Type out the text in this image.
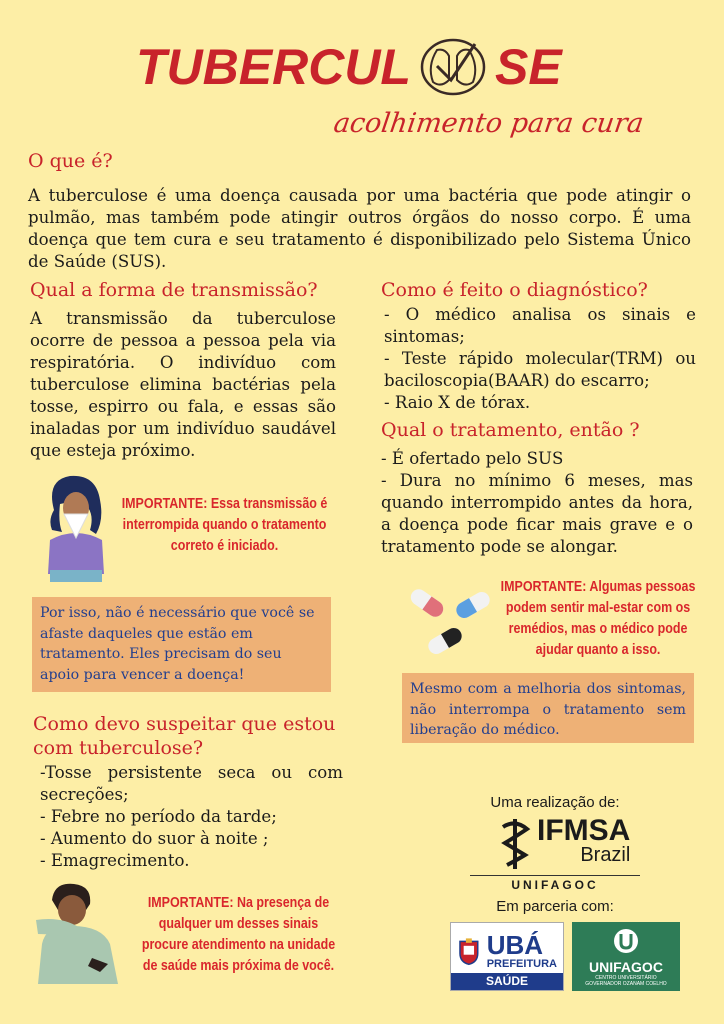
TUBERCUL SE
acolhimento para cura
O que é?

A tuberculose é uma doença causada por uma bactéria que pode atingir o pulmão, mas também pode atingir outros órgãos do nosso corpo. É uma doença que tem cura e seu tratamento é disponibilizado pelo Sistema Único de Saúde (SUS).

Qual a forma de transmissão?

A transmissão da tuberculose ocorre de pessoa a pessoa pela via respiratória. O indivíduo com tuberculose elimina bactérias pela tosse, espirro ou fala, e essas são inaladas por um indivíduo saudável que esteja próximo.

IMPORTANTE: Essa transmissão é interrompida quando o tratamento correto é iniciado.
Por isso, não é necessário que você se afaste daqueles que estão em tratamento. Eles precisam do seu apoio para vencer a doença!
Como é feito o diagnóstico?

- O médico analisa os sinais e sintomas;

- Teste rápido molecular(TRM) ou baciloscopia(BAAR) do escarro;

- Raio X de tórax.

Qual o tratamento, então ?

- É ofertado pelo SUS

- Dura no mínimo 6 meses, mas quando interrompido antes da hora, a doença pode ficar mais grave e o tratamento pode se alongar.

IMPORTANTE: Algumas pessoas podem sentir mal-estar com os remédios, mas o médico pode ajudar quanto a isso.
Mesmo com a melhoria dos sintomas, não interrompa o tratamento sem liberação do médico.
Como devo suspeitar que estou com tuberculose?

-Tosse persistente seca ou com secreções;

- Febre no período da tarde;

- Aumento do suor à noite ;

- Emagrecimento.

IMPORTANTE: Na presença de qualquer um desses sinais procure atendimento na unidade de saúde mais próxima de você.
Uma realização de:
IFMSA
Brazil
UNIFAGOC
Em parceria com:
UBÁ
PREFEITURA
SAÚDE
UNIFAGOC
CENTRO UNIVERSITÁRIO GOVERNADOR OZANAM COELHO
